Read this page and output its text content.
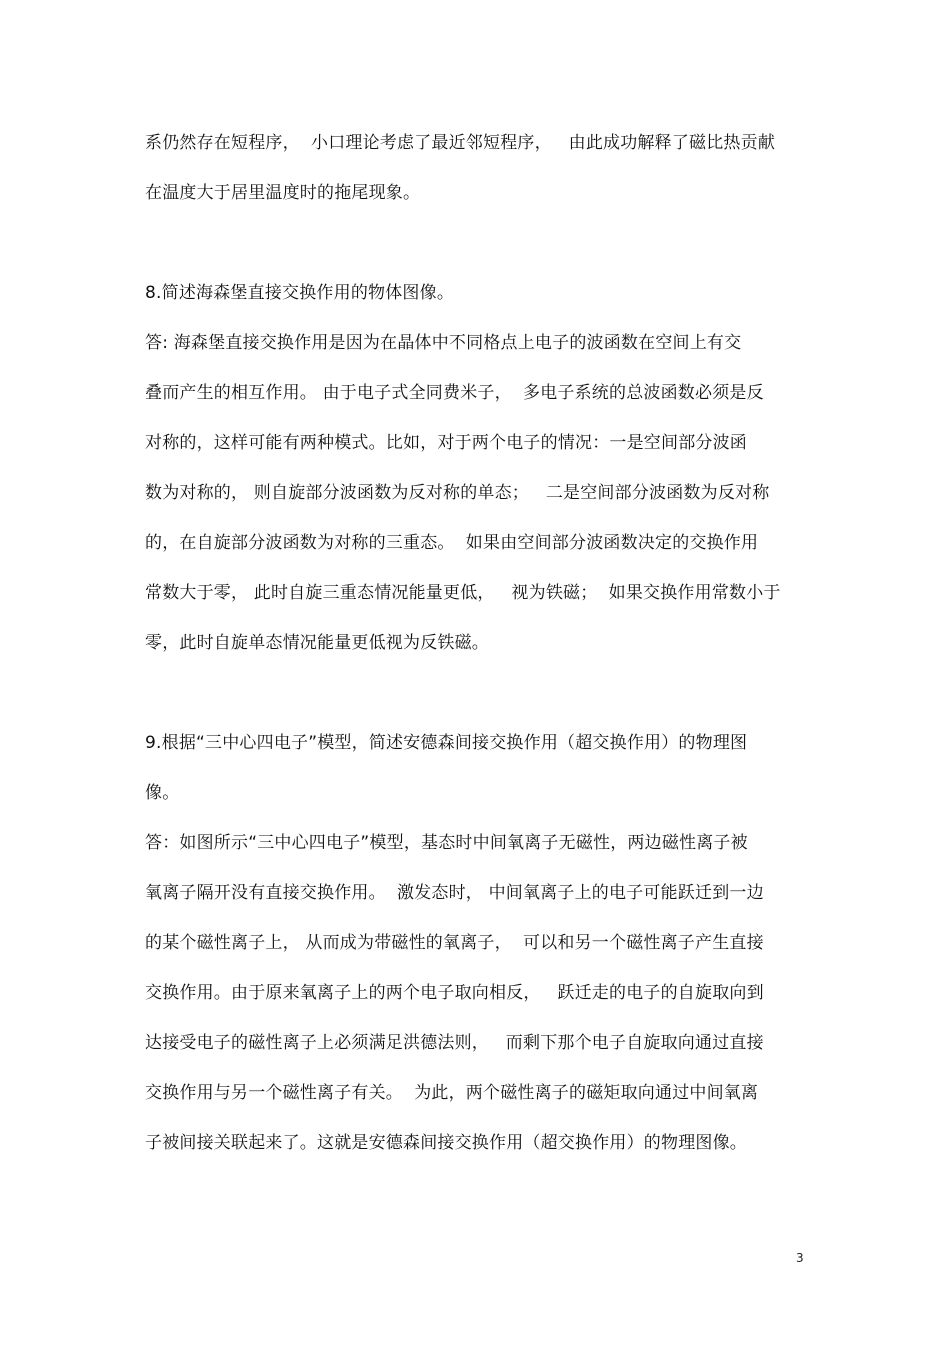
系仍然存在短程序，  小口理论考虑了最近邻短程序，   由此成功解释了磁比热贡献
在温度大于居里温度时的拖尾现象。
8.简述海森堡直接交换作用的物体图像。
答: 海森堡直接交换作用是因为在晶体中不同格点上电子的波函数在空间上有交
叠而产生的相互作用。 由于电子式全同费米子，  多电子系统的总波函数必须是反
对称的，这样可能有两种模式。比如，对于两个电子的情况：一是空间部分波函
数为对称的， 则自旋部分波函数为反对称的单态；   二是空间部分波函数为反对称
的，在自旋部分波函数为对称的三重态。  如果由空间部分波函数决定的交换作用
常数大于零， 此时自旋三重态情况能量更低，   视为铁磁；  如果交换作用常数小于
零，此时自旋单态情况能量更低视为反铁磁。
9.根据“三中心四电子”模型，简述安德森间接交换作用（超交换作用）的物理图
像。
答：如图所示“三中心四电子”模型，基态时中间氧离子无磁性，两边磁性离子被
氧离子隔开没有直接交换作用。  激发态时， 中间氧离子上的电子可能跃迁到一边
的某个磁性离子上， 从而成为带磁性的氧离子，  可以和另一个磁性离子产生直接
交换作用。由于原来氧离子上的两个电子取向相反，   跃迁走的电子的自旋取向到
达接受电子的磁性离子上必须满足洪德法则，   而剩下那个电子自旋取向通过直接
交换作用与另一个磁性离子有关。  为此，两个磁性离子的磁矩取向通过中间氧离
子被间接关联起来了。这就是安德森间接交换作用（超交换作用）的物理图像。
3
